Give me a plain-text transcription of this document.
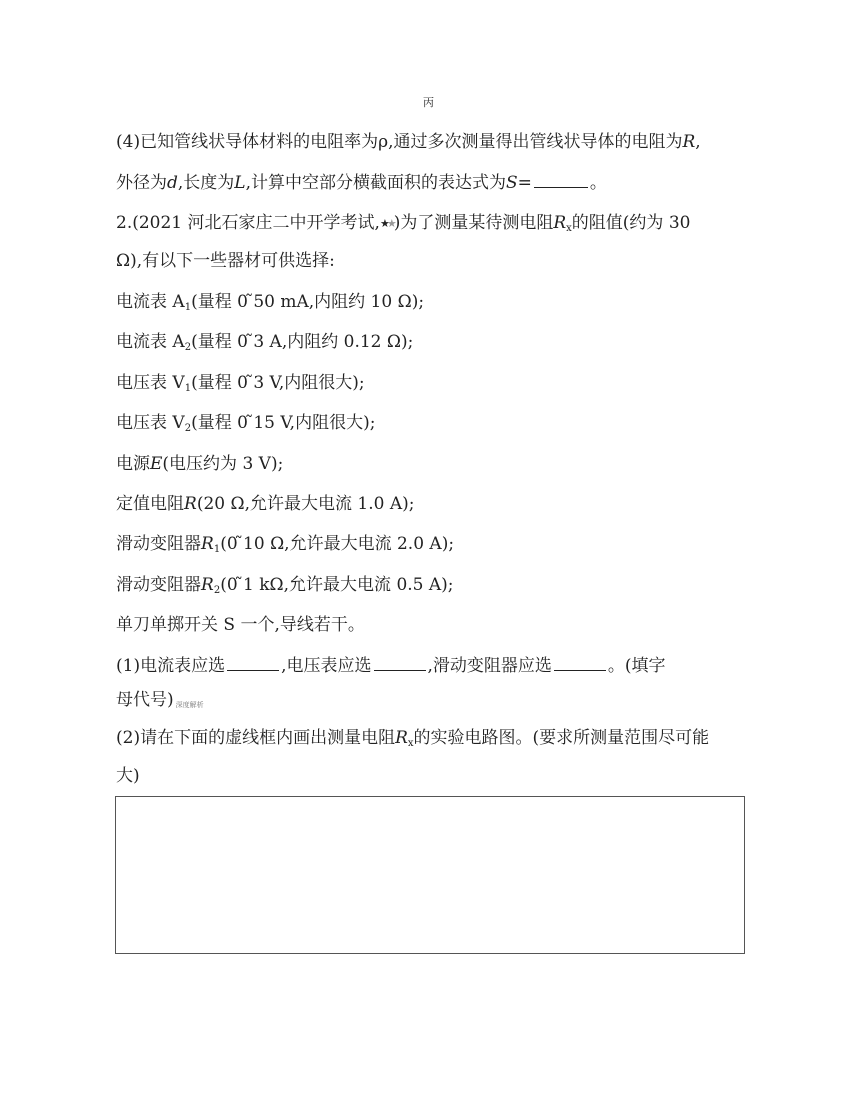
丙
(4)已知管线状导体材料的电阻率为ρ,通过多次测量得出管线状导体的电阻为R,
外径为d,长度为L,计算中空部分横截面积的表达式为S=	。
2.(2021 河北石家庄二中开学考试,★★)为了测量某待测电阻$R_x$的阻值(约为 30
Ω),有以下一些器材可供选择:
电流表 $A_1$(量程 0 ̃50 mA,内阻约 10 Ω);
电流表 $A_2$(量程 0 ̃3 A,内阻约 0.12 Ω);
电压表 $V_1$(量程 0 ̃3 V,内阻很大);
电压表 $V_2$(量程 0 ̃15 V,内阻很大);
电源E(电压约为 3 V);
定值电阻R(20 Ω,允许最大电流 1.0 A);
滑动变阻器$R_1(0$ ̃10 Ω,允许最大电流 2.0 A);
滑动变阻器$R_2(0$ ̃1 kΩ,允许最大电流 0.5 A);
单刀单掷开关 S 一个,导线若干。
(1)电流表应选	,电压表应选	,滑动变阻器应选	。(填字
母代号) 深度解析
(2)请在下面的虚线框内画出测量电阻$R_x$的实验电路图。(要求所测量范围尽可能
大)
